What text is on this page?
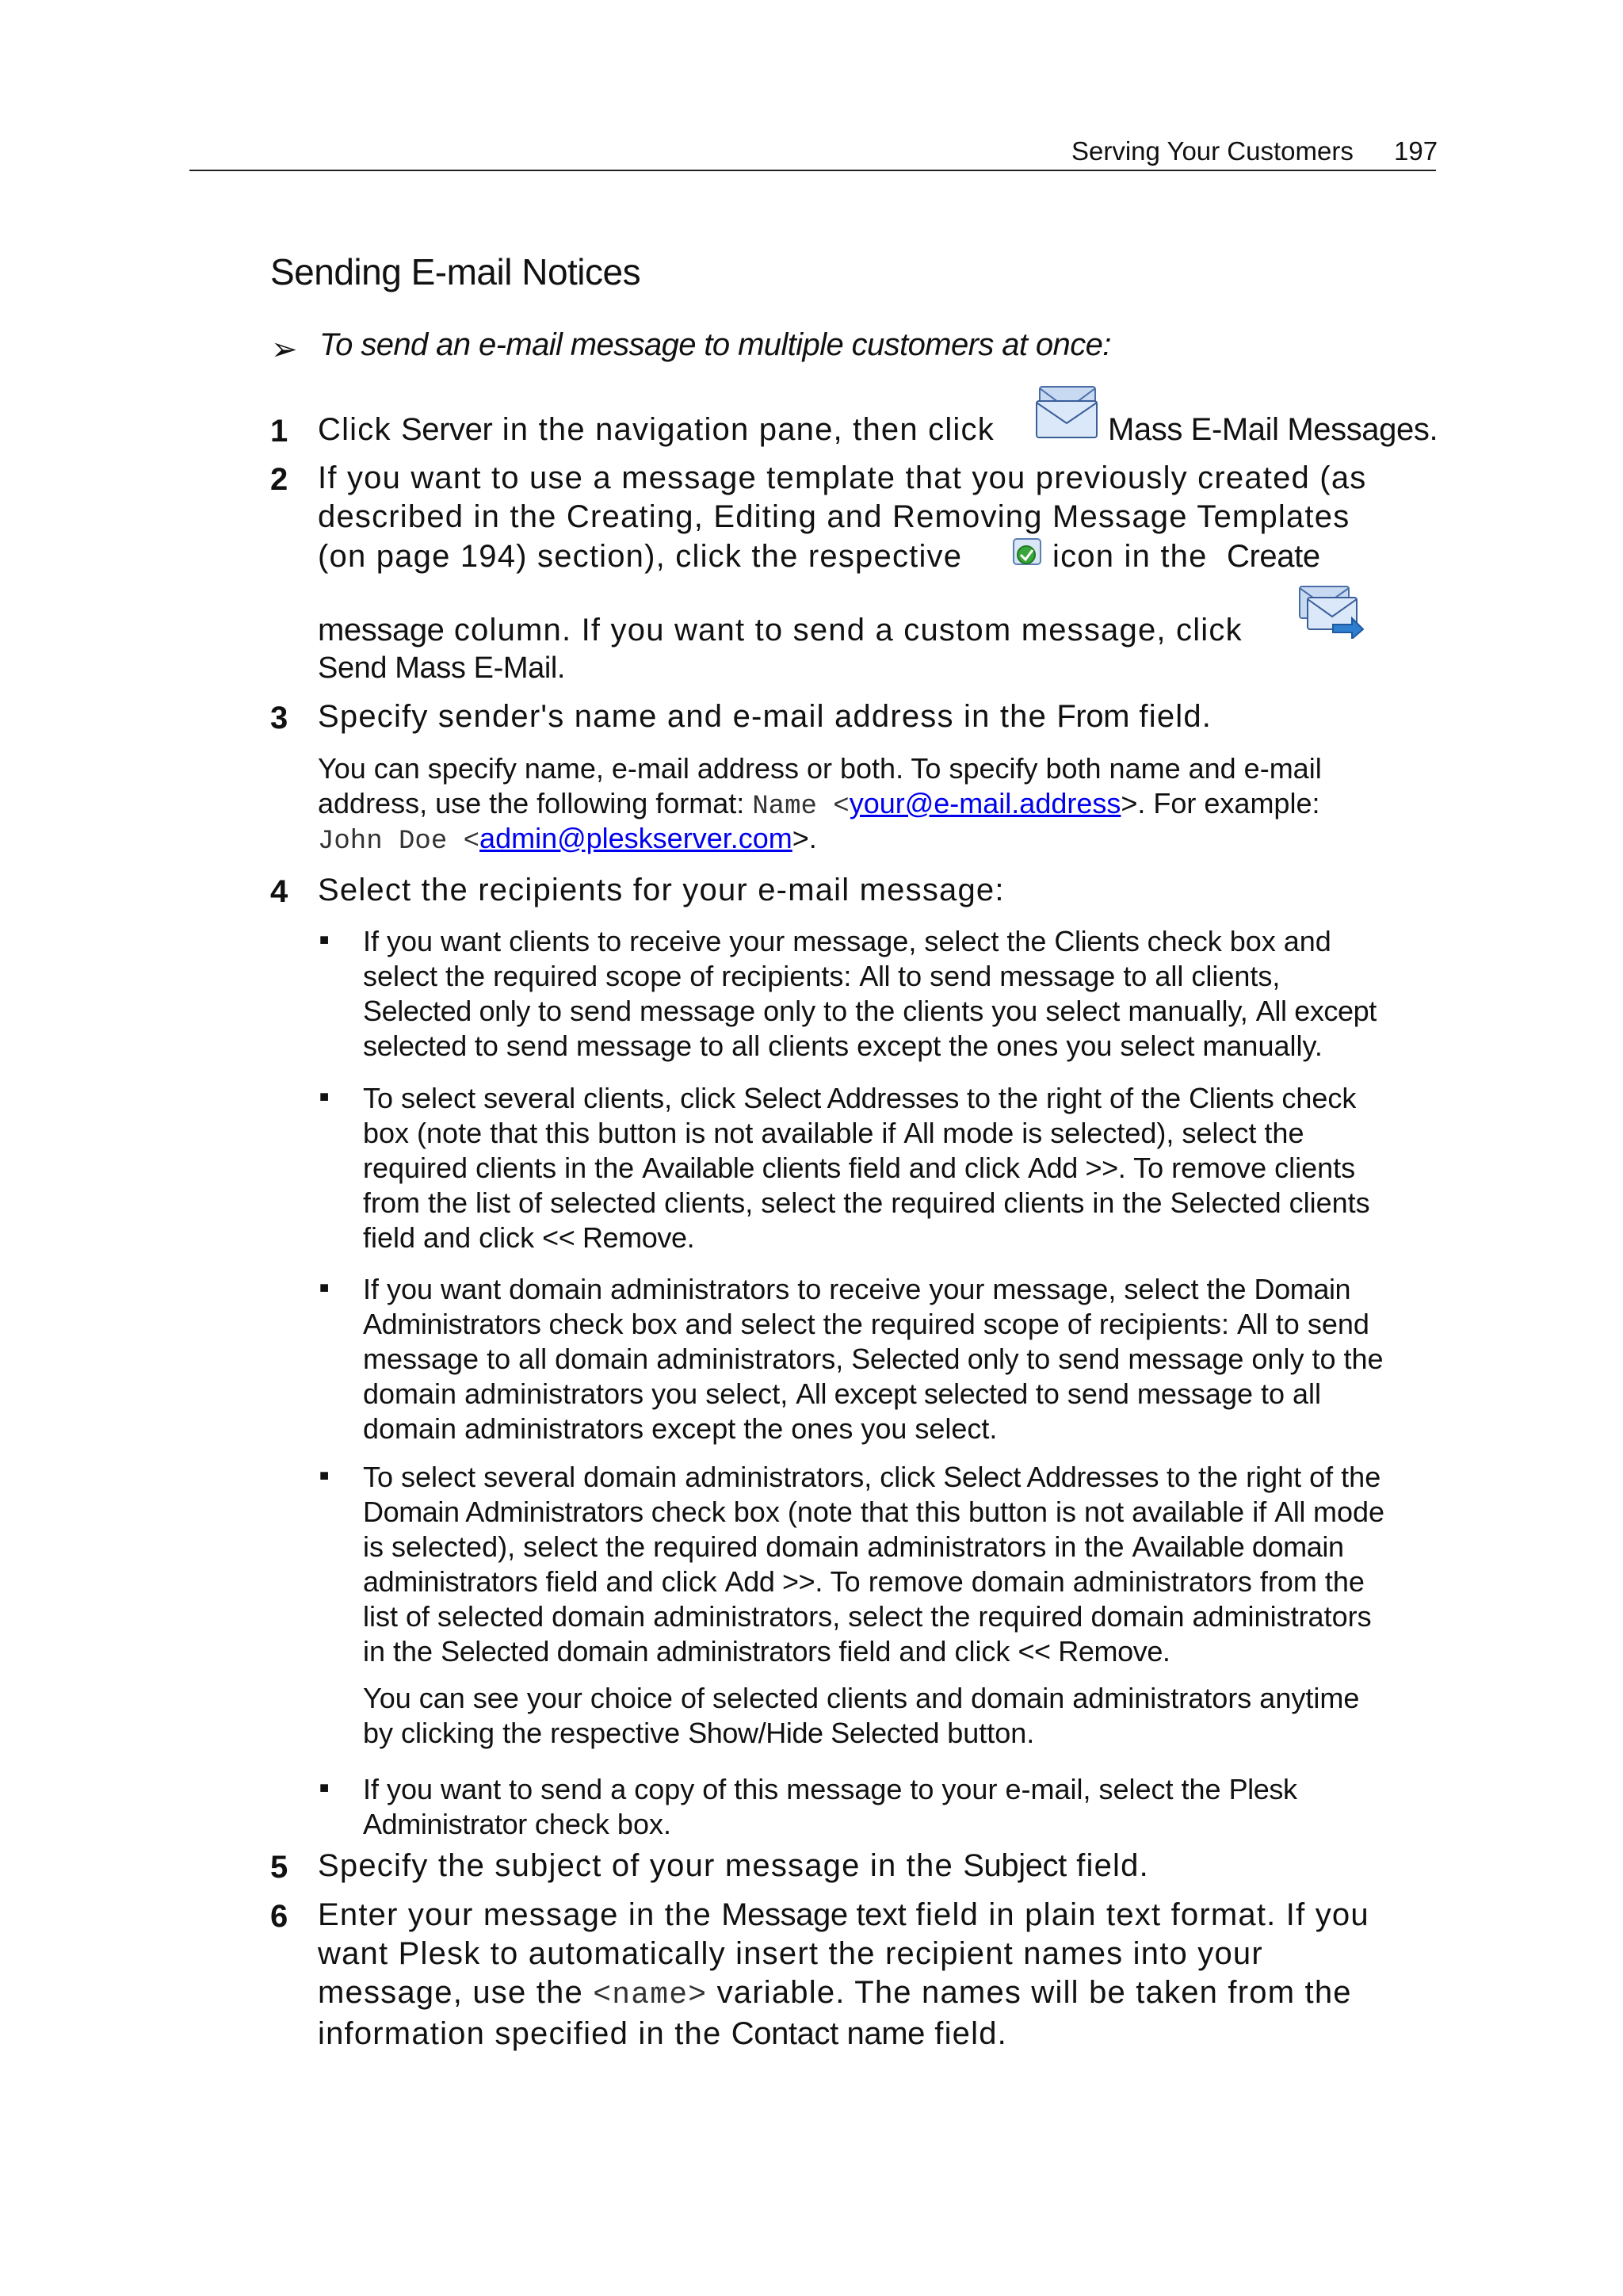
Serving Your Customers 197
Sending E-mail Notices
➢ To send an e-mail message to multiple customers at once:
1 Click Server in the navigation pane, then click	Mass E-Mail Messages.
2 If you want to use a message template that you previously created (as
described in the Creating, Editing and Removing Message Templates
(on page 194) section), click the respective	icon in the Create
message column. If you want to send a custom message, click
Send Mass E-Mail.
3 Specify sender's name and e-mail address in the From field.
You can specify name, e-mail address or both. To specify both name and e-mail
address, use the following format: Name <your@e-mail.address>. For example:
John Doe <admin@pleskserver.com>.
4 Select the recipients for your e-mail message:
■ If you want clients to receive your message, select the Clients check box and
select the required scope of recipients: All to send message to all clients,
Selected only to send message only to the clients you select manually, All except
selected to send message to all clients except the ones you select manually.
■ To select several clients, click Select Addresses to the right of the Clients check
box (note that this button is not available if All mode is selected), select the
required clients in the Available clients field and click Add >>. To remove clients
from the list of selected clients, select the required clients in the Selected clients
field and click << Remove.
■ If you want domain administrators to receive your message, select the Domain
Administrators check box and select the required scope of recipients: All to send
message to all domain administrators, Selected only to send message only to the
domain administrators you select, All except selected to send message to all
domain administrators except the ones you select.
■ To select several domain administrators, click Select Addresses to the right of the
Domain Administrators check box (note that this button is not available if All mode
is selected), select the required domain administrators in the Available domain
administrators field and click Add >>. To remove domain administrators from the
list of selected domain administrators, select the required domain administrators
in the Selected domain administrators field and click << Remove.
You can see your choice of selected clients and domain administrators anytime
by clicking the respective Show/Hide Selected button.
■ If you want to send a copy of this message to your e-mail, select the Plesk
Administrator check box.
5 Specify the subject of your message in the Subject field.
6 Enter your message in the Message text field in plain text format. If you
want Plesk to automatically insert the recipient names into your
message, use the <name> variable. The names will be taken from the
information specified in the Contact name field.
